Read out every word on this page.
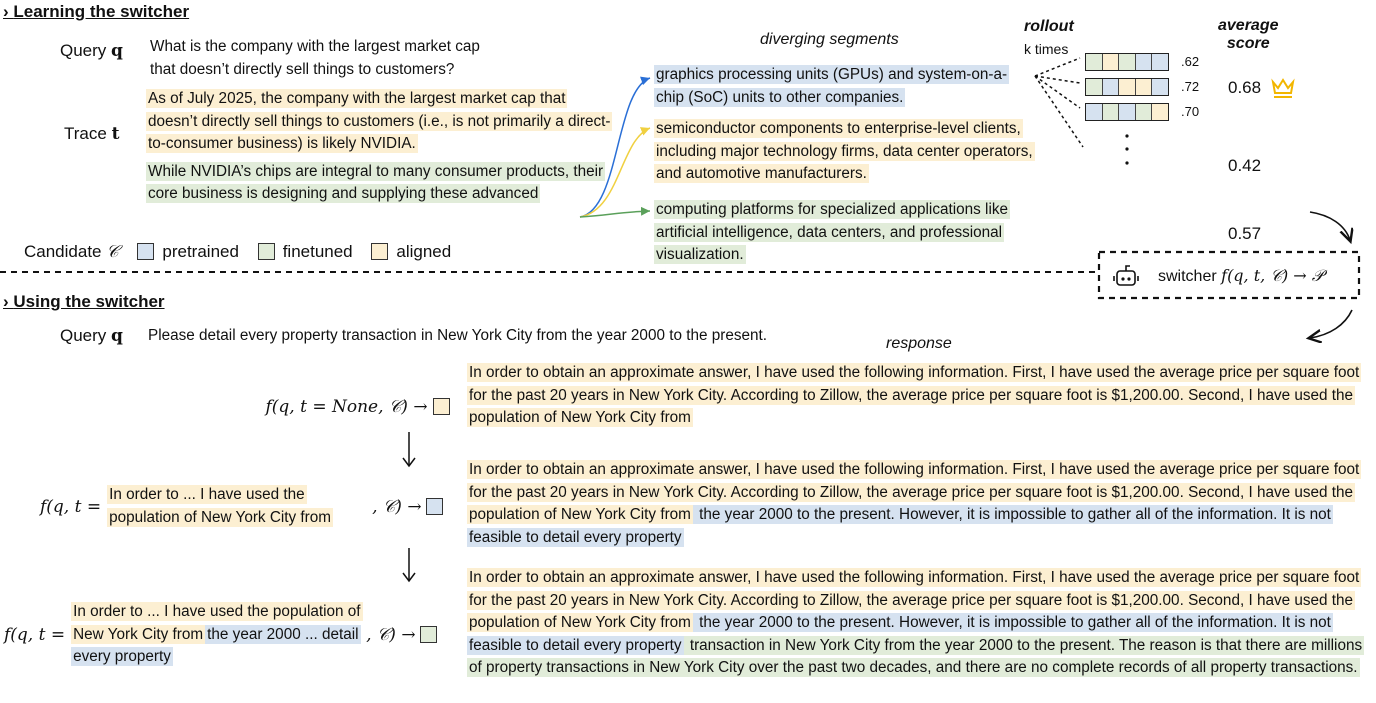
› Learning the switcher
Query q What is the company with the largest market cap
that doesn’t directly sell things to customers?
Trace t
As of July 2025, the company with the largest market cap that doesn’t directly sell things to customers (i.e., is not primarily a direct-to-consumer business) is likely NVIDIA.
While NVIDIA’s chips are integral to many consumer products, their core business is designing and supplying these advanced
Candidate 𝒞	pretrained	finetuned	aligned
diverging segments
graphics processing units (GPUs) and system-on-a-chip (SoC) units to other companies.
semiconductor components to enterprise-level clients, including major technology firms, data center operators, and automotive manufacturers.
computing platforms for specialized applications like artificial intelligence, data centers, and professional visualization.
rollout
k times
.62
.72
.70
average
score
0.68
0.42
0.57
switcher f(q, t, 𝒞) → 𝒫
› Using the switcher
Query q Please detail every property transaction in New York City from the year 2000 to the present.	response
f(q, t = None, 𝒞) →
f(q, t =
In order to ... I have used the population of New York City from
, 𝒞) →

f(q, t =
In order to ... I have used the population of New York City from the year 2000 ... detail every property
, 𝒞) →

In order to obtain an approximate answer, I have used the following information. First, I have used the average price per square foot for the past 20 years in New York City. According to Zillow, the average price per square foot is $1,200.00. Second, I have used the population of New York City from
In order to obtain an approximate answer, I have used the following information. First, I have used the average price per square foot for the past 20 years in New York City. According to Zillow, the average price per square foot is $1,200.00. Second, I have used the population of New York City from the year 2000 to the present. However, it is impossible to gather all of the information. It is not feasible to detail every property
In order to obtain an approximate answer, I have used the following information. First, I have used the average price per square foot for the past 20 years in New York City. According to Zillow, the average price per square foot is $1,200.00. Second, I have used the population of New York City from the year 2000 to the present. However, it is impossible to gather all of the information. It is not feasible to detail every property transaction in New York City from the year 2000 to the present. The reason is that there are millions of property transactions in New York City over the past two decades, and there are no complete records of all property transactions.
